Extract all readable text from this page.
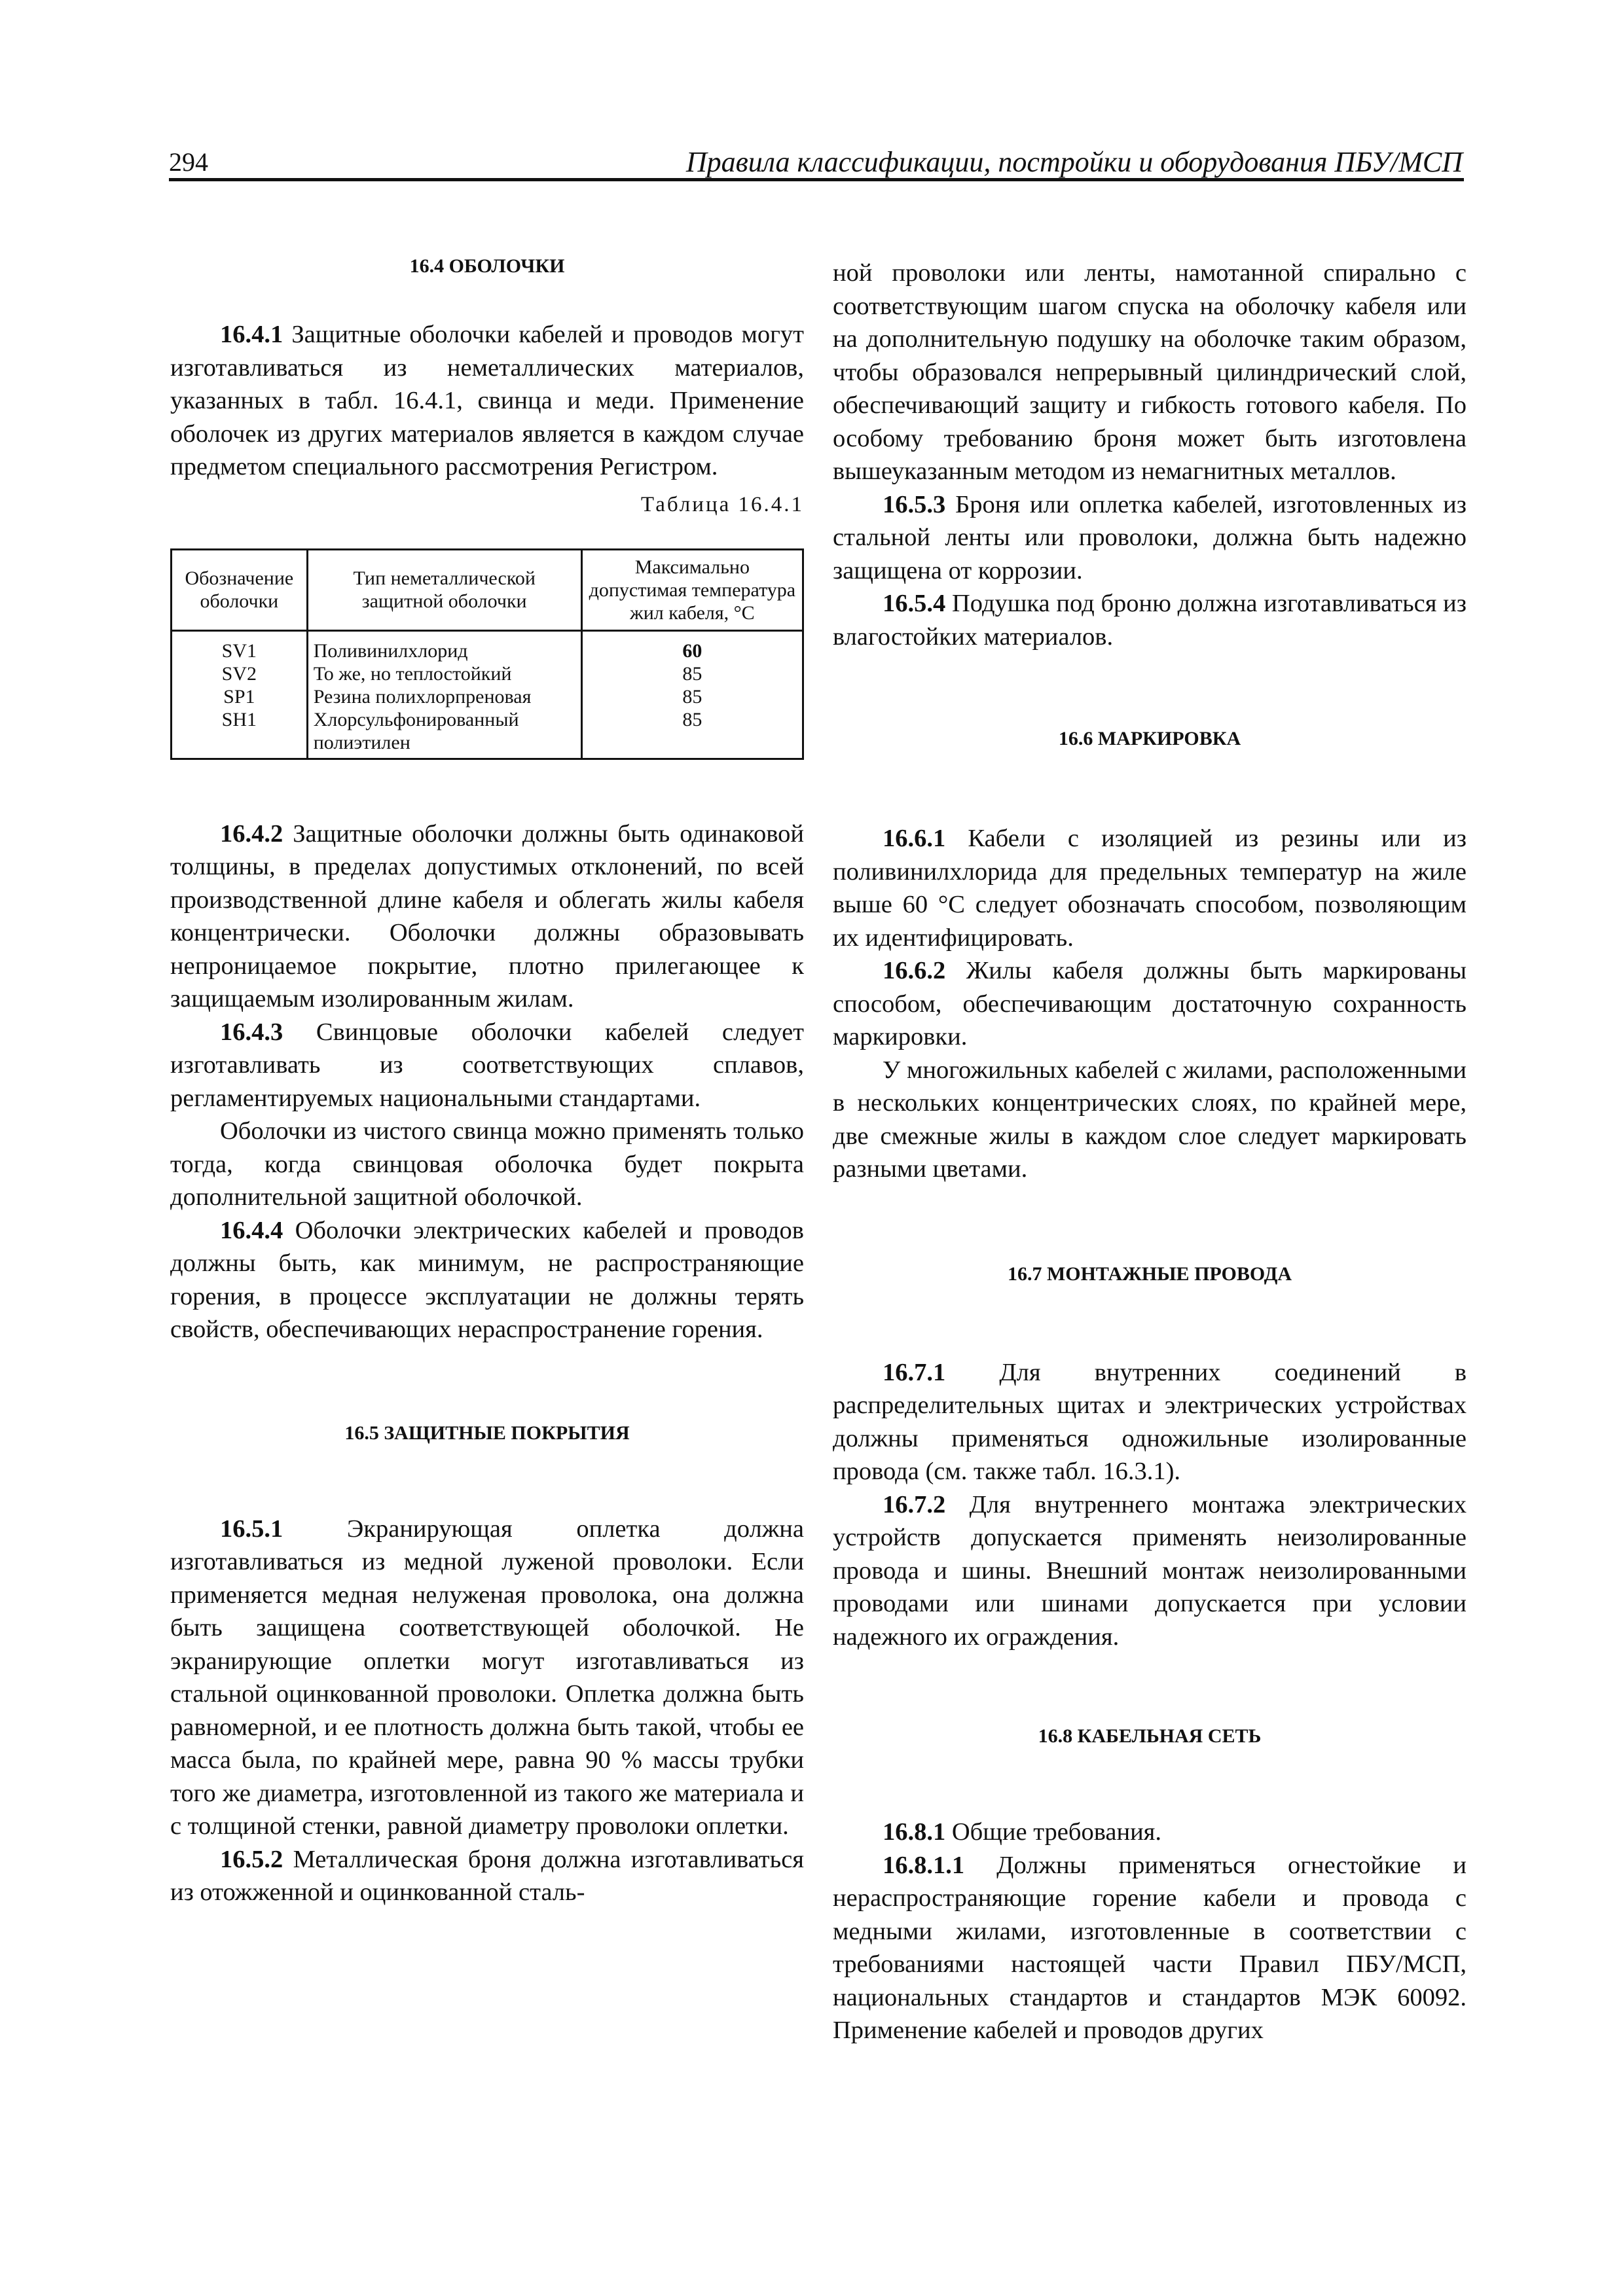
294	Правила классификации, постройки и оборудования ПБУ/МСП

16.4 ОБОЛОЧКИ

16.4.1 Защитные оболочки кабелей и проводов могут изготавливаться из неметаллических материалов, указанных в табл. 16.4.1, свинца и меди. Применение оболочек из других материалов является в каждом случае предметом специального рассмотрения Регистром.

Таблица 16.4.1

Обозначение оболочки	Тип неметаллической защитной оболочки	Максимально допустимая температура жил кабеля, °С
SV1	Поливинилхлорид	60
SV2	То же, но теплостойкий	85
SP1	Резина полихлорпреновая	85
SH1	Хлорсульфонированный полиэтилен	85

16.4.2 Защитные оболочки должны быть одинаковой толщины, в пределах допустимых отклонений, по всей производственной длине кабеля и облегать жилы кабеля концентрически. Оболочки должны образовывать непроницаемое покрытие, плотно прилегающее к защищаемым изолированным жилам.

16.4.3 Свинцовые оболочки кабелей следует изготавливать из соответствующих сплавов, регламентируемых национальными стандартами.

Оболочки из чистого свинца можно применять только тогда, когда свинцовая оболочка будет покрыта дополнительной защитной оболочкой.

16.4.4 Оболочки электрических кабелей и проводов должны быть, как минимум, не распространяющие горения, в процессе эксплуатации не должны терять свойств, обеспечивающих нераспространение горения.

16.5 ЗАЩИТНЫЕ ПОКРЫТИЯ

16.5.1 Экранирующая оплетка должна изготавливаться из медной луженой проволоки. Если применяется медная нелуженая проволока, она должна быть защищена соответствующей оболочкой. Не экранирующие оплетки могут изготавливаться из стальной оцинкованной проволоки. Оплетка должна быть равномерной, и ее плотность должна быть такой, чтобы ее масса была, по крайней мере, равна 90 % массы трубки того же диаметра, изготовленной из такого же материала и с толщиной стенки, равной диаметру проволоки оплетки.

16.5.2 Металлическая броня должна изготавливаться из отожженной и оцинкованной сталь-

ной проволоки или ленты, намотанной спирально с соответствующим шагом спуска на оболочку кабеля или на дополнительную подушку на оболочке таким образом, чтобы образовался непрерывный цилиндрический слой, обеспечивающий защиту и гибкость готового кабеля. По особому требованию броня может быть изготовлена вышеуказанным методом из немагнитных металлов.

16.5.3 Броня или оплетка кабелей, изготовленных из стальной ленты или проволоки, должна быть надежно защищена от коррозии.

16.5.4 Подушка под броню должна изготавливаться из влагостойких материалов.

16.6 МАРКИРОВКА

16.6.1 Кабели с изоляцией из резины или из поливинилхлорида для предельных температур на жиле выше 60 °С следует обозначать способом, позволяющим их идентифицировать.

16.6.2 Жилы кабеля должны быть маркированы способом, обеспечивающим достаточную сохранность маркировки.

У многожильных кабелей с жилами, расположенными в нескольких концентрических слоях, по крайней мере, две смежные жилы в каждом слое следует маркировать разными цветами.

16.7 МОНТАЖНЫЕ ПРОВОДА

16.7.1 Для внутренних соединений в распределительных щитах и электрических устройствах должны применяться одножильные изолированные провода (см. также табл. 16.3.1).

16.7.2 Для внутреннего монтажа электрических устройств допускается применять неизолированные провода и шины. Внешний монтаж неизолированными проводами или шинами допускается при условии надежного их ограждения.

16.8 КАБЕЛЬНАЯ СЕТЬ

16.8.1 Общие требования.

16.8.1.1 Должны применяться огнестойкие и нераспространяющие горение кабели и провода с медными жилами, изготовленные в соответствии с требованиями настоящей части Правил ПБУ/МСП, национальных стандартов и стандартов МЭК 60092. Применение кабелей и проводов других
